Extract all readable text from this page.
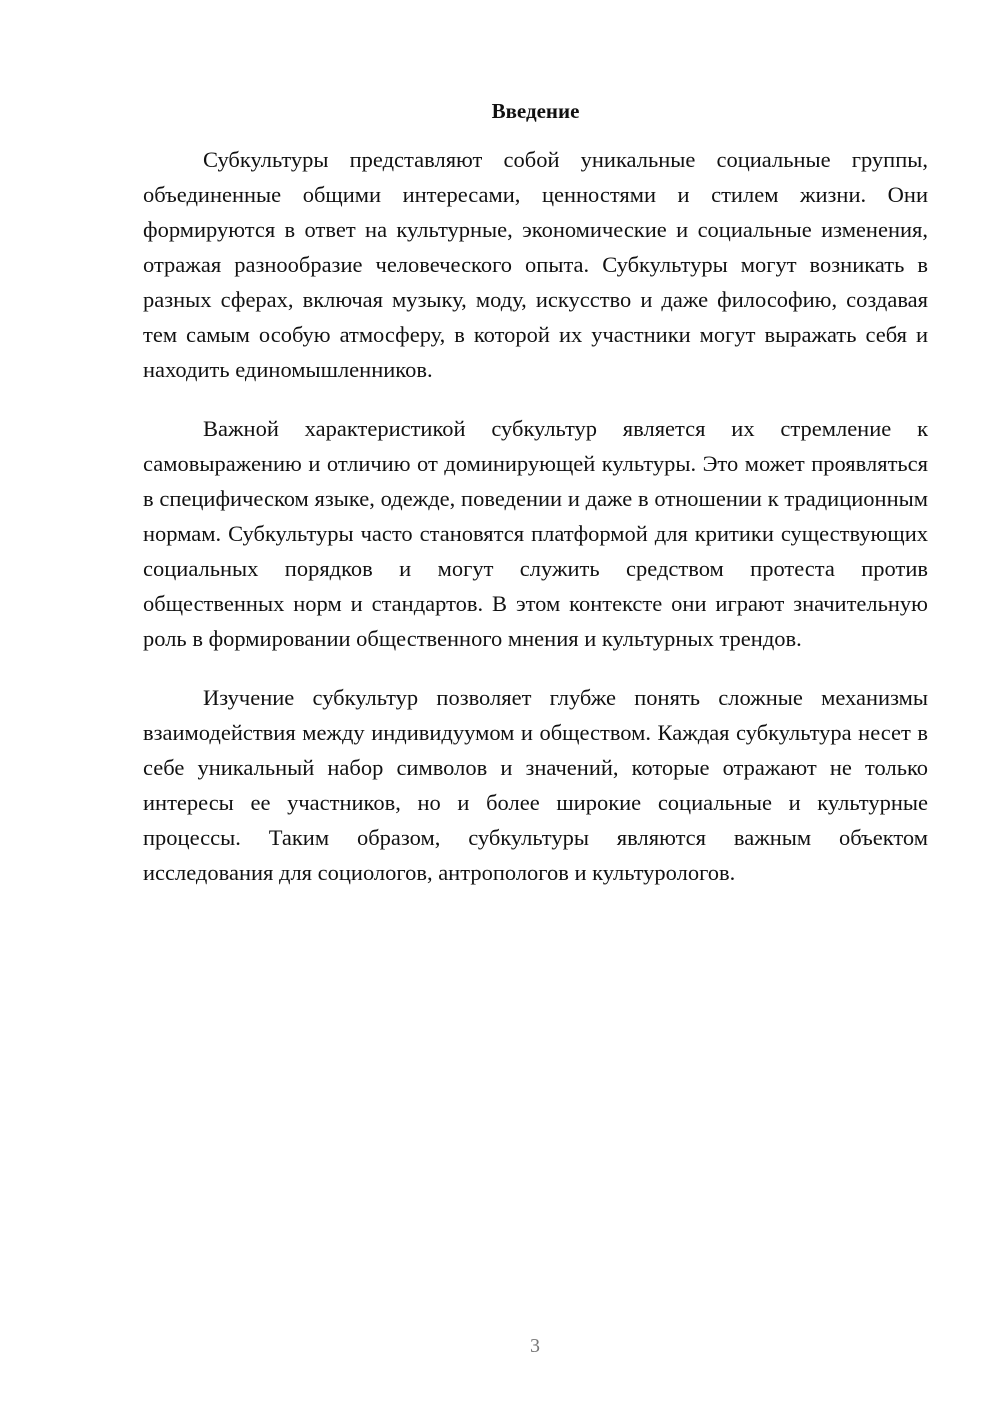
Введение

Субкультуры представляют собой уникальные социальные группы, объединенные общими интересами, ценностями и стилем жизни. Они формируются в ответ на культурные, экономические и социальные изменения, отражая разнообразие человеческого опыта. Субкультуры могут возникать в разных сферах, включая музыку, моду, искусство и даже философию, создавая тем самым особую атмосферу, в которой их участники могут выражать себя и находить единомышленников.

Важной характеристикой субкультур является их стремление к самовыражению и отличию от доминирующей культуры. Это может проявляться в специфическом языке, одежде, поведении и даже в отношении к традиционным нормам. Субкультуры часто становятся платформой для критики существующих социальных порядков и могут служить средством протеста против общественных норм и стандартов. В этом контексте они играют значительную роль в формировании общественного мнения и культурных трендов.

Изучение субкультур позволяет глубже понять сложные механизмы взаимодействия между индивидуумом и обществом. Каждая субкультура несет в себе уникальный набор символов и значений, которые отражают не только интересы ее участников, но и более широкие социальные и культурные процессы. Таким образом, субкультуры являются важным объектом исследования для социологов, антропологов и культурологов.

3
